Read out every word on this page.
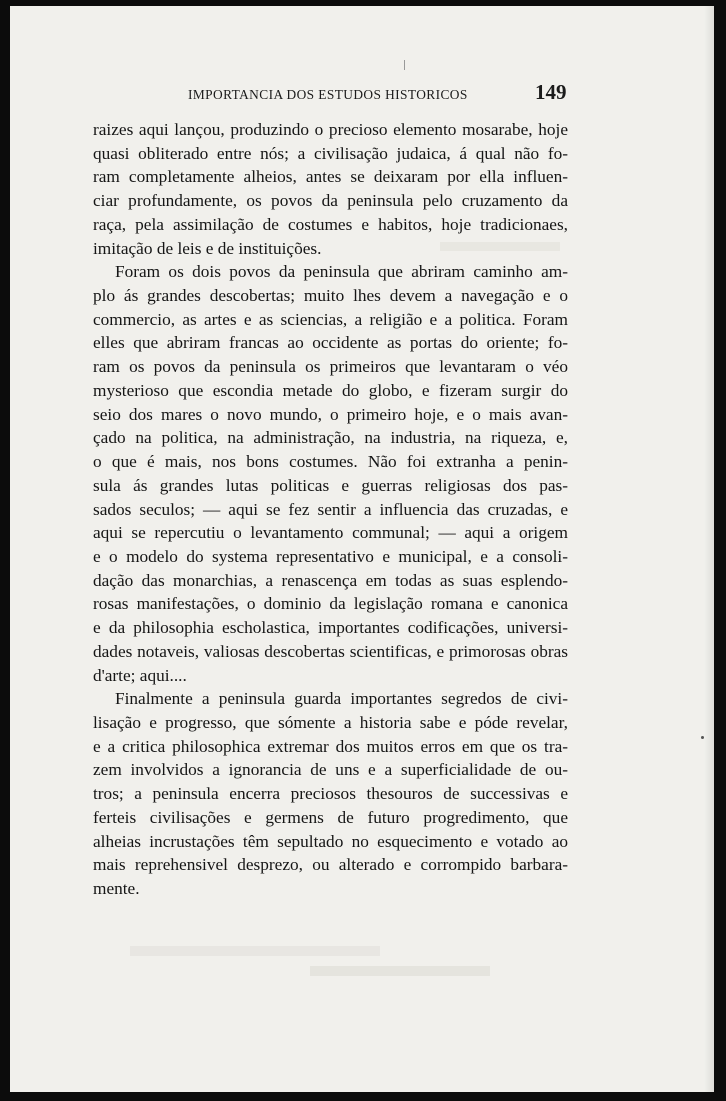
IMPORTANCIA DOS ESTUDOS HISTORICOS	149

raizes aqui lançou, produzindo o precioso elemento mosarabe, hoje
quasi obliterado entre nós; a civilisação judaica, á qual não fo-
ram completamente alheios, antes se deixaram por ella influen-
ciar profundamente, os povos da peninsula pelo cruzamento da
raça, pela assimilação de costumes e habitos, hoje tradicionaes,
imitação de leis e de instituições.

Foram os dois povos da peninsula que abriram caminho am-
plo ás grandes descobertas; muito lhes devem a navegação e o
commercio, as artes e as sciencias, a religião e a politica. Foram
elles que abriram francas ao occidente as portas do oriente; fo-
ram os povos da peninsula os primeiros que levantaram o véo
mysterioso que escondia metade do globo, e fizeram surgir do
seio dos mares o novo mundo, o primeiro hoje, e o mais avan-
çado na politica, na administração, na industria, na riqueza, e,
o que é mais, nos bons costumes. Não foi extranha a penin-
sula ás grandes lutas politicas e guerras religiosas dos pas-
sados seculos; — aqui se fez sentir a influencia das cruzadas, e
aqui se repercutiu o levantamento communal; — aqui a origem
e o modelo do systema representativo e municipal, e a consoli-
dação das monarchias, a renascença em todas as suas esplendo-
rosas manifestações, o dominio da legislação romana e canonica
e da philosophia escholastica, importantes codificações, universi-
dades notaveis, valiosas descobertas scientificas, e primorosas obras
d'arte; aqui....

Finalmente a peninsula guarda importantes segredos de civi-
lisação e progresso, que sómente a historia sabe e póde revelar,
e a critica philosophica extremar dos muitos erros em que os tra-
zem involvidos a ignorancia de uns e a superficialidade de ou-
tros; a peninsula encerra preciosos thesouros de successivas e
ferteis civilisações e germens de futuro progredimento, que
alheias incrustações têm sepultado no esquecimento e votado ao
mais reprehensivel desprezo, ou alterado e corrompido barbara-
mente.
